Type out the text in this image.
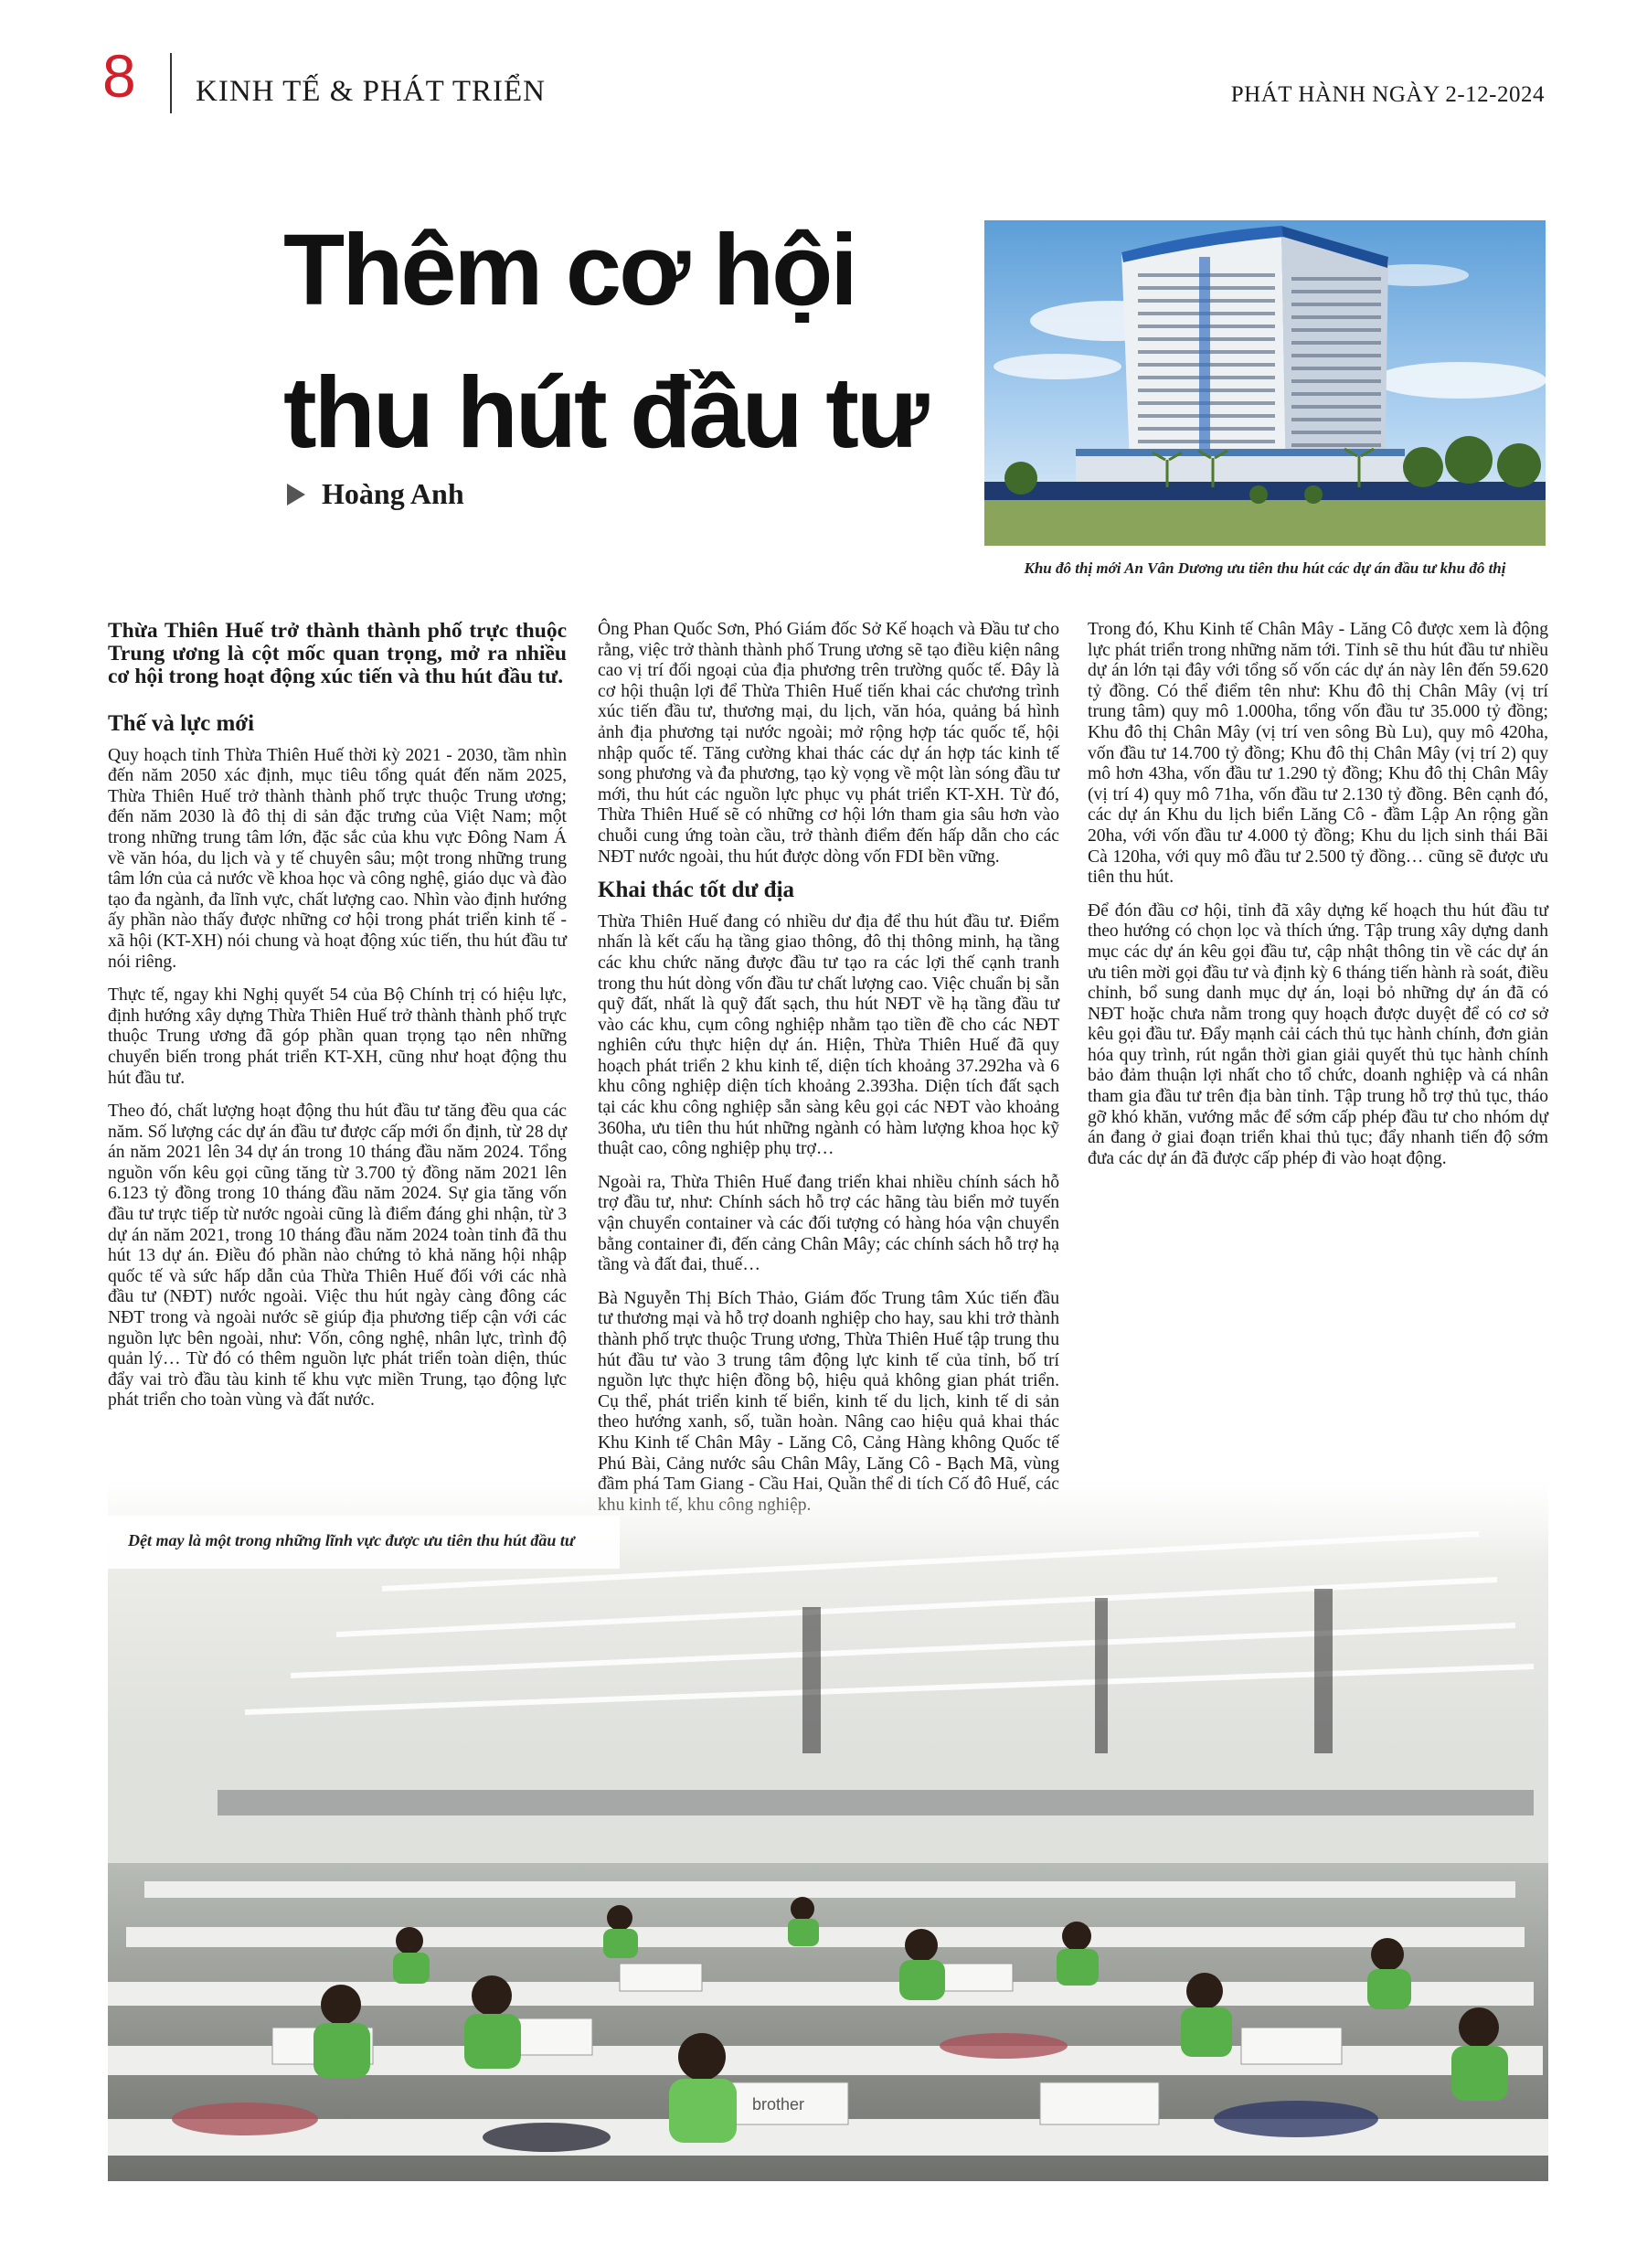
8 KINH TẾ & PHÁT TRIỂN	PHÁT HÀNH NGÀY 2-12-2024
Thêm cơ hội thu hút đầu tư
Hoàng Anh
Khu đô thị mới An Vân Dương ưu tiên thu hút các dự án đầu tư khu đô thị

Thừa Thiên Huế trở thành thành phố trực thuộc Trung ương là cột mốc quan trọng, mở ra nhiều cơ hội trong hoạt động xúc tiến và thu hút đầu tư.

Thế và lực mới

Quy hoạch tỉnh Thừa Thiên Huế thời kỳ 2021 - 2030, tầm nhìn đến năm 2050 xác định, mục tiêu tổng quát đến năm 2025, Thừa Thiên Huế trở thành thành phố trực thuộc Trung ương; đến năm 2030 là đô thị di sản đặc trưng của Việt Nam; một trong những trung tâm lớn, đặc sắc của khu vực Đông Nam Á về văn hóa, du lịch và y tế chuyên sâu; một trong những trung tâm lớn của cả nước về khoa học và công nghệ, giáo dục và đào tạo đa ngành, đa lĩnh vực, chất lượng cao. Nhìn vào định hướng ấy phần nào thấy được những cơ hội trong phát triển kinh tế - xã hội (KT-XH) nói chung và hoạt động xúc tiến, thu hút đầu tư nói riêng.

Thực tế, ngay khi Nghị quyết 54 của Bộ Chính trị có hiệu lực, định hướng xây dựng Thừa Thiên Huế trở thành thành phố trực thuộc Trung ương đã góp phần quan trọng tạo nên những chuyển biến trong phát triển KT-XH, cũng như hoạt động thu hút đầu tư.

Theo đó, chất lượng hoạt động thu hút đầu tư tăng đều qua các năm. Số lượng các dự án đầu tư được cấp mới ổn định, từ 28 dự án năm 2021 lên 34 dự án trong 10 tháng đầu năm 2024. Tổng nguồn vốn kêu gọi cũng tăng từ 3.700 tỷ đồng năm 2021 lên 6.123 tỷ đồng trong 10 tháng đầu năm 2024. Sự gia tăng vốn đầu tư trực tiếp từ nước ngoài cũng là điểm đáng ghi nhận, từ 3 dự án năm 2021, trong 10 tháng đầu năm 2024 toàn tỉnh đã thu hút 13 dự án. Điều đó phần nào chứng tỏ khả năng hội nhập quốc tế và sức hấp dẫn của Thừa Thiên Huế đối với các nhà đầu tư (NĐT) nước ngoài. Việc thu hút ngày càng đông các NĐT trong và ngoài nước sẽ giúp địa phương tiếp cận với các nguồn lực bên ngoài, như: Vốn, công nghệ, nhân lực, trình độ quản lý… Từ đó có thêm nguồn lực phát triển toàn diện, thúc đẩy vai trò đầu tàu kinh tế khu vực miền Trung, tạo động lực phát triển cho toàn vùng và đất nước.

Ông Phan Quốc Sơn, Phó Giám đốc Sở Kế hoạch và Đầu tư cho rằng, việc trở thành thành phố Trung ương sẽ tạo điều kiện nâng cao vị trí đối ngoại của địa phương trên trường quốc tế. Đây là cơ hội thuận lợi để Thừa Thiên Huế tiến khai các chương trình xúc tiến đầu tư, thương mại, du lịch, văn hóa, quảng bá hình ảnh địa phương tại nước ngoài; mở rộng hợp tác quốc tế, hội nhập quốc tế. Tăng cường khai thác các dự án hợp tác kinh tế song phương và đa phương, tạo kỳ vọng về một làn sóng đầu tư mới, thu hút các nguồn lực phục vụ phát triển KT-XH. Từ đó, Thừa Thiên Huế sẽ có những cơ hội lớn tham gia sâu hơn vào chuỗi cung ứng toàn cầu, trở thành điểm đến hấp dẫn cho các NĐT nước ngoài, thu hút được dòng vốn FDI bền vững.

Khai thác tốt dư địa

Thừa Thiên Huế đang có nhiều dư địa để thu hút đầu tư. Điểm nhấn là kết cấu hạ tầng giao thông, đô thị thông minh, hạ tầng các khu chức năng được đầu tư tạo ra các lợi thế cạnh tranh trong thu hút dòng vốn đầu tư chất lượng cao. Việc chuẩn bị sẵn quỹ đất, nhất là quỹ đất sạch, thu hút NĐT về hạ tầng đầu tư vào các khu, cụm công nghiệp nhằm tạo tiền đề cho các NĐT nghiên cứu thực hiện dự án. Hiện, Thừa Thiên Huế đã quy hoạch phát triển 2 khu kinh tế, diện tích khoảng 37.292ha và 6 khu công nghiệp diện tích khoảng 2.393ha. Diện tích đất sạch tại các khu công nghiệp sẵn sàng kêu gọi các NĐT vào khoảng 360ha, ưu tiên thu hút những ngành có hàm lượng khoa học kỹ thuật cao, công nghiệp phụ trợ…

Ngoài ra, Thừa Thiên Huế đang triển khai nhiều chính sách hỗ trợ đầu tư, như: Chính sách hỗ trợ các hãng tàu biển mở tuyến vận chuyển container và các đối tượng có hàng hóa vận chuyển bằng container đi, đến cảng Chân Mây; các chính sách hỗ trợ hạ tầng và đất đai, thuế…

Bà Nguyễn Thị Bích Thảo, Giám đốc Trung tâm Xúc tiến đầu tư thương mại và hỗ trợ doanh nghiệp cho hay, sau khi trở thành thành phố trực thuộc Trung ương, Thừa Thiên Huế tập trung thu hút đầu tư vào 3 trung tâm động lực kinh tế của tỉnh, bố trí nguồn lực thực hiện đồng bộ, hiệu quả không gian phát triển. Cụ thể, phát triển kinh tế biển, kinh tế du lịch, kinh tế di sản theo hướng xanh, số, tuần hoàn. Nâng cao hiệu quả khai thác Khu Kinh tế Chân Mây - Lăng Cô, Cảng Hàng không Quốc tế Phú Bài, Cảng nước sâu Chân Mây, Lăng Cô - Bạch Mã, vùng

Trong đó, Khu Kinh tế Chân Mây - Lăng Cô được xem là động lực phát triển trong những năm tới. Tỉnh sẽ thu hút đầu tư nhiều dự án lớn tại đây với tổng số vốn các dự án này lên đến 59.620 tỷ đồng. Có thể điểm tên như: Khu đô thị Chân Mây (vị trí trung tâm) quy mô 1.000ha, tổng vốn đầu tư 35.000 tỷ đồng; Khu đô thị Chân Mây (vị trí ven sông Bù Lu), quy mô 420ha, vốn đầu tư 14.700 tỷ đồng; Khu đô thị Chân Mây (vị trí 2) quy mô hơn 43ha, vốn đầu tư 1.290 tỷ đồng; Khu đô thị Chân Mây (vị trí 4) quy mô 71ha, vốn đầu tư 2.130 tỷ đồng. Bên cạnh đó, các dự án Khu du lịch biển Lăng Cô - đầm Lập An rộng gần 20ha, với vốn đầu tư 4.000 tỷ đồng; Khu du lịch sinh thái Bãi Cà 120ha, với quy mô đầu tư 2.500 tỷ đồng… cũng sẽ được ưu tiên thu hút.

Để đón đầu cơ hội, tỉnh đã xây dựng kế hoạch thu hút đầu tư theo hướng có chọn lọc và thích ứng. Tập trung xây dựng danh mục các dự án kêu gọi đầu tư, cập nhật thông tin về các dự án ưu tiên mời gọi đầu tư và định kỳ 6 tháng tiến hành rà soát, điều chỉnh, bổ sung danh mục dự án, loại bỏ những dự án đã có NĐT hoặc chưa nằm trong quy hoạch được duyệt để có cơ sở kêu gọi đầu tư. Đẩy mạnh cải cách thủ tục hành chính, đơn giản hóa quy trình, rút ngắn thời gian giải quyết thủ tục hành chính bảo đảm thuận lợi nhất cho tổ chức, doanh nghiệp và cá nhân tham gia đầu tư trên địa bàn tỉnh. Tập trung hỗ trợ thủ tục, tháo gỡ khó khăn, vướng mắc để sớm cấp phép đầu tư cho nhóm dự án đang ở giai đoạn triển khai thủ tục; đẩy nhanh tiến độ sớm đưa các dự án đã được cấp phép đi vào hoạt động.

brother
Dệt may là một trong những lĩnh vực được ưu tiên thu hút đầu tư
